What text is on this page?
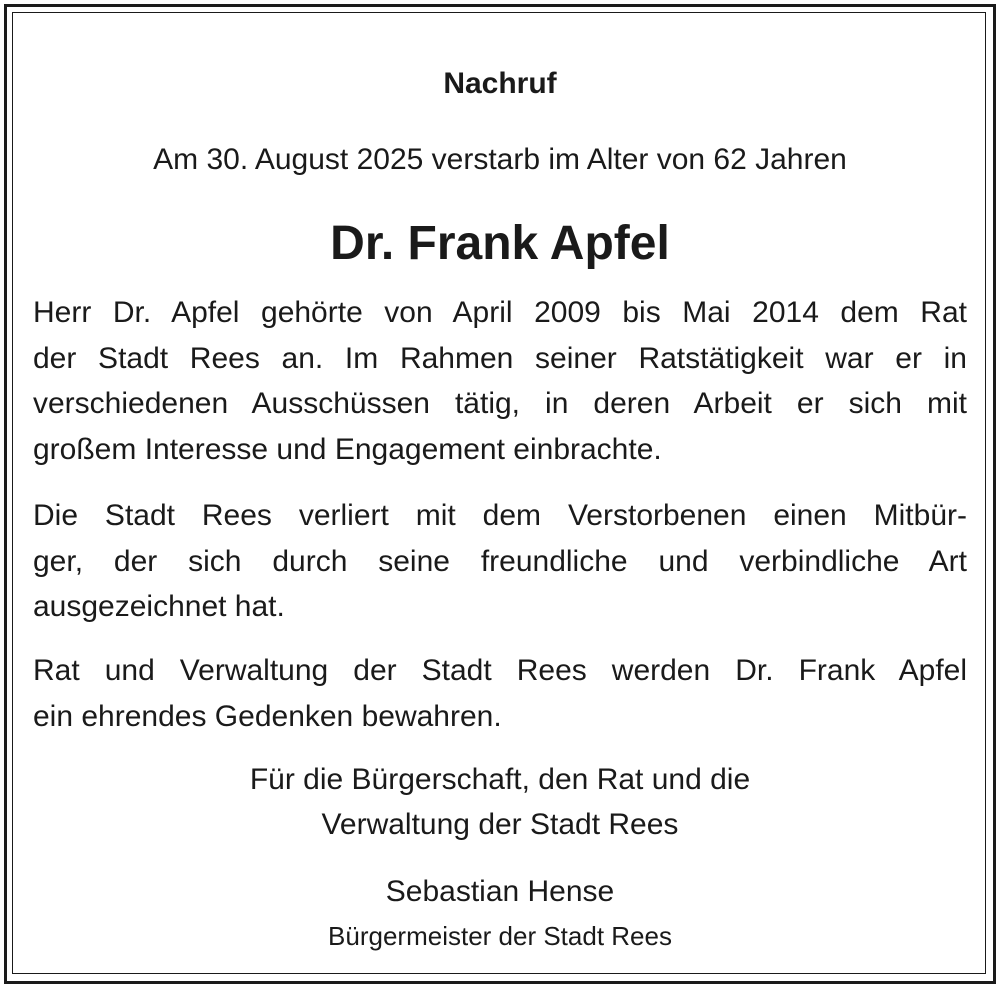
Nachruf
Am 30. August 2025 verstarb im Alter von 62 Jahren
Dr. Frank Apfel
Herr Dr. Apfel gehörte von April 2009 bis Mai 2014 dem Rat
der Stadt Rees an. Im Rahmen seiner Ratstätigkeit war er in
verschiedenen Ausschüssen tätig, in deren Arbeit er sich mit
großem Interesse und Engagement einbrachte.
Die Stadt Rees verliert mit dem Verstorbenen einen Mitbür-
ger, der sich durch seine freundliche und verbindliche Art
ausgezeichnet hat.
Rat und Verwaltung der Stadt Rees werden Dr. Frank Apfel
ein ehrendes Gedenken bewahren.
Für die Bürgerschaft, den Rat und die
Verwaltung der Stadt Rees
Sebastian Hense
Bürgermeister der Stadt Rees
